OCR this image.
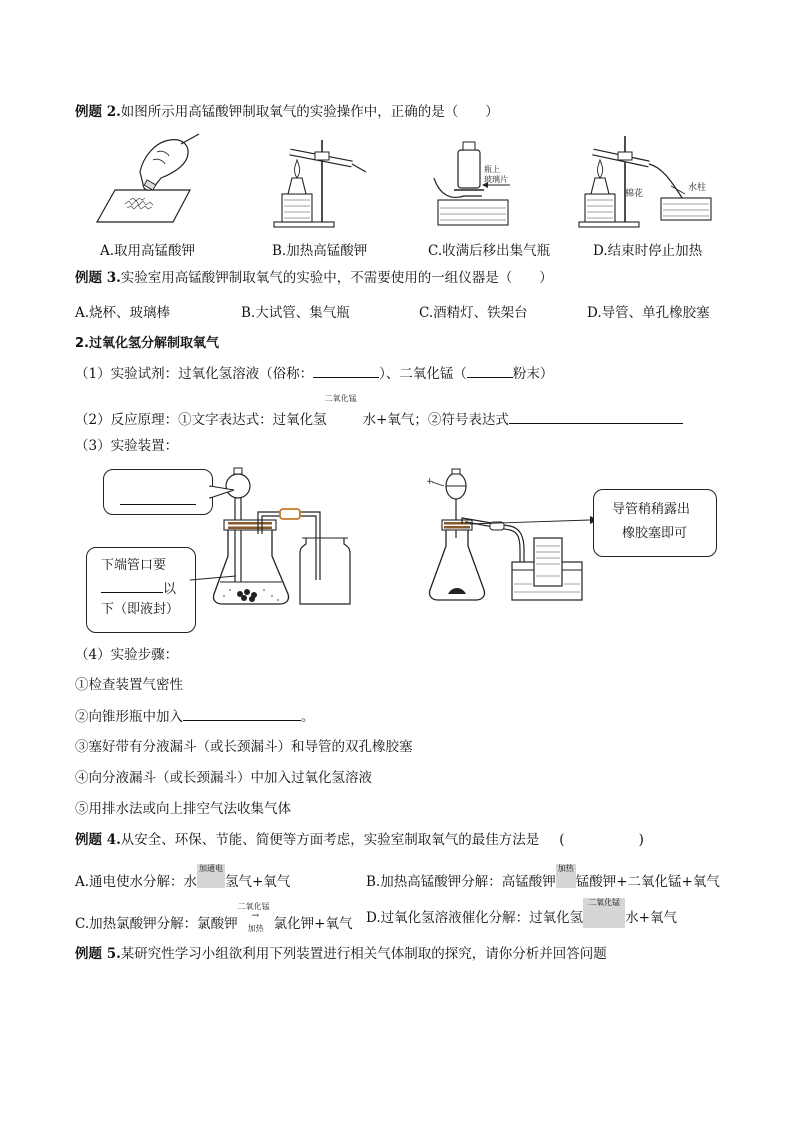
例题 2.如图所示用高锰酸钾制取氧气的实验操作中，正确的是（　　）
瓶上
玻璃片
棉花
水柱
A.取用高锰酸钾	B.加热高锰酸钾	C.收满后移出集气瓶	D.结束时停止加热
例题 3.实验室用高锰酸钾制取氧气的实验中，不需要使用的一组仪器是（　　）
A.烧杯、玻璃棒	B.大试管、集气瓶	C.酒精灯、铁架台	D.导管、单孔橡胶塞
2.过氧化氢分解制取氧气
（1）实验试剂：过氧化氢溶液（俗称：	）、二氧化锰（	粉末）
（2）反应原理：①文字表达式：过氧化氢
二氧化锰
水+氧气；②符号表达式
（3）实验装置：
下端管口要
以
下（即液封）
+
导管稍稍露出
橡胶塞即可
（4）实验步骤：
①检查装置气密性
②向锥形瓶中加入	。
③塞好带有分液漏斗（或长颈漏斗）和导管的双孔橡胶塞
④向分液漏斗（或长颈漏斗）中加入过氧化氢溶液
⑤用排水法或向上排空气法收集气体
例题 4.从安全、环保、节能、简便等方面考虑，实验室制取氧气的最佳方法是 (	)
A.通电使水分解：水加通电氢气+氧气	B.加热高锰酸钾分解：高锰酸钾加热锰酸钾+二氧化锰+氧气
C.加热氯酸钾分解：氯酸钾
二氧化锰
→
加热 氯化钾+氧气 D.过氧化氢溶液催化分解：过氧化氢二氧化锰水+氧气
例题 5.某研究性学习小组欲利用下列装置进行相关气体制取的探究，请你分析并回答问题
